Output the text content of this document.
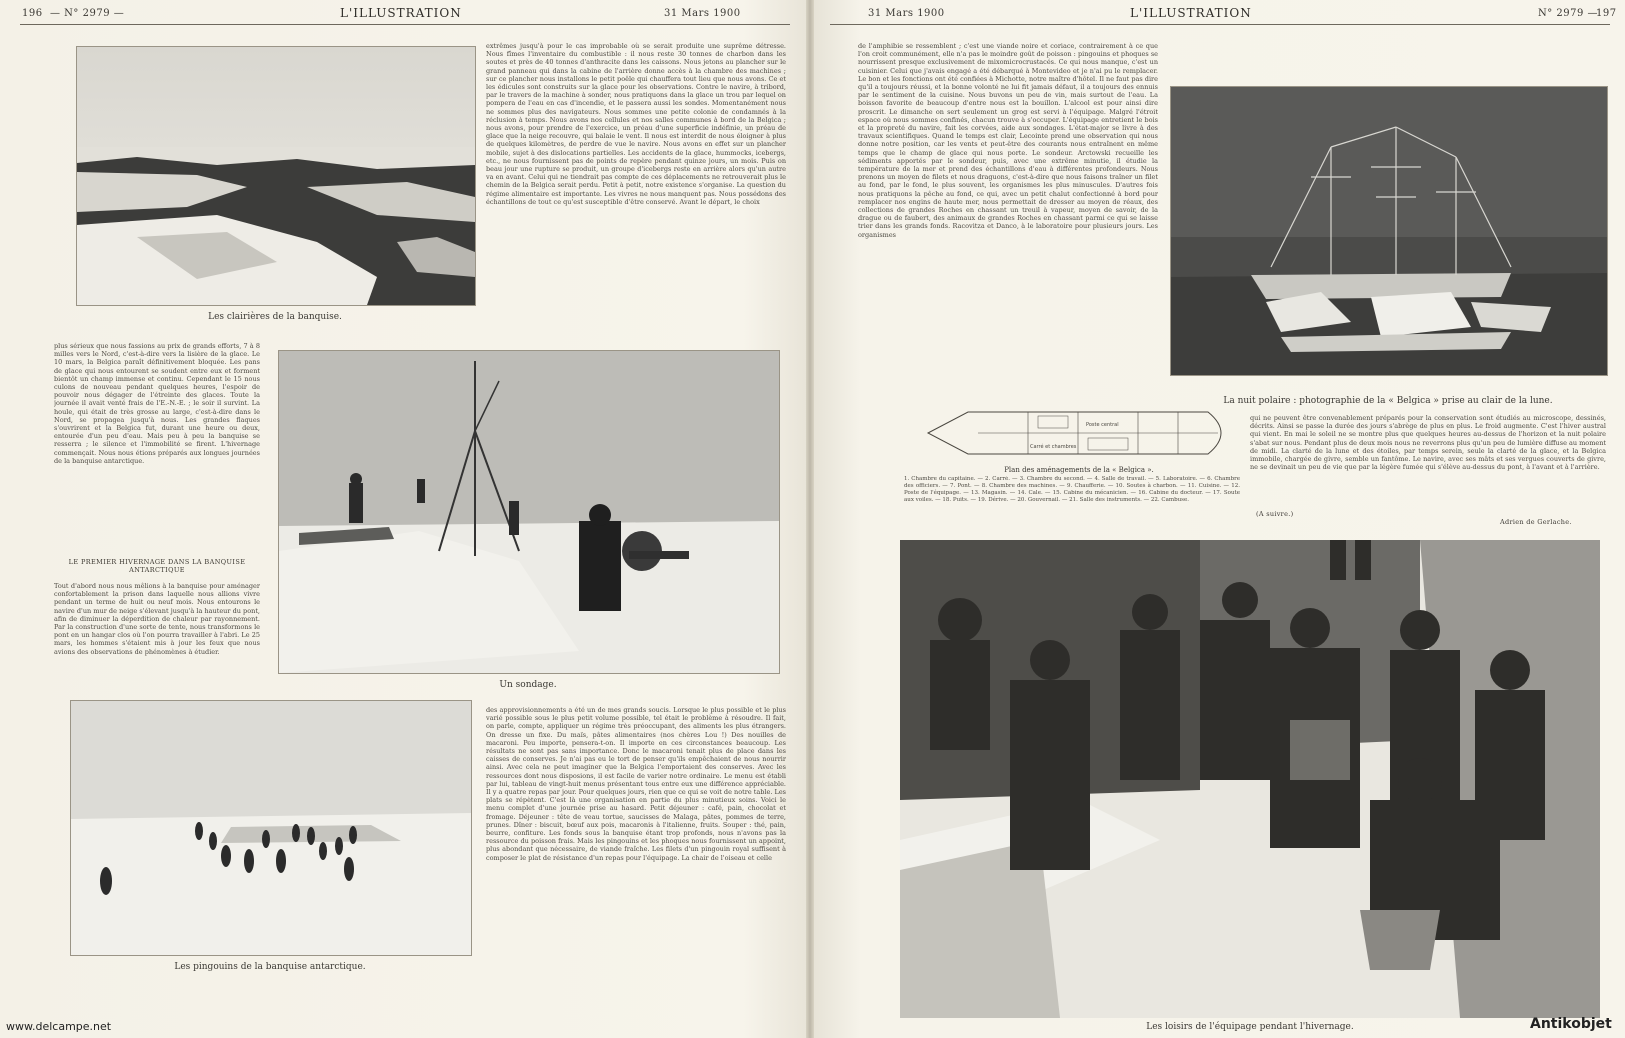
196 — N° 2979 —	L'ILLUSTRATION	31 Mars 1900	31 Mars 1900	L'ILLUSTRATION	N° 2979 —
197
Les clairières de la banquise.
extrêmes jusqu'à pour le cas improbable où se serait produite une suprême détresse. Nous fîmes l'inventaire du combustible : il nous reste 30 tonnes de charbon dans les soutes et près de 40 tonnes d'anthracite dans les caissons. Nous jetons au plancher sur le grand panneau qui dans la cabine de l'arrière donne accès à la chambre des machines ; sur ce plancher nous installons le petit poêle qui chauffera tout lieu que nous avons. Ce et les édicules sont construits sur la glace pour les observations. Contre le navire, à tribord, par le travers de la machine à sonder, nous pratiquons dans la glace un trou par lequel on pompera de l'eau en cas d'incendie, et le passera aussi les sondes. Momentanément nous ne sommes plus des navigateurs. Nous sommes une petite colonie de condamnés à la réclusion à temps. Nous avons nos cellules et nos salles communes à bord de la Belgica ; nous avons, pour prendre de l'exercice, un préau d'une superficie indéfinie, un préau de glace que la neige recouvre, qui balaie le vent. Il nous est interdit de nous éloigner à plus de quelques kilomètres, de perdre de vue le navire. Nous avons en effet sur un plancher mobile, sujet à des dislocations partielles. Les accidents de la glace, hummocks, icebergs, etc., ne nous fournissent pas de points de repère pendant quinze jours, un mois. Puis on beau jour une rupture se produit, un groupe d'icebergs reste en arrière alors qu'un autre va en avant. Celui qui ne tiendrait pas compte de ces déplacements ne retrouverait plus le chemin de la Belgica serait perdu. Petit à petit, notre existence s'organise. La question du régime alimentaire est importante. Les vivres ne nous manquent pas. Nous possédons des échantillons de tout ce qu'est susceptible d'être conservé. Avant le départ, le choix
plus sérieux que nous fassions au prix de grands efforts, 7 à 8 milles vers le Nord, c'est-à-dire vers la lisière de la glace. Le 10 mars, la Belgica paraît définitivement bloquée. Les pans de glace qui nous entourent se soudent entre eux et forment bientôt un champ immense et continu. Cependant le 15 nous culons de nouveau pendant quelques heures, l'espoir de pouvoir nous dégager de l'étreinte des glaces. Toute la journée il avait venté frais de l'E.-N.-E. ; le soir il survint. La houle, qui était de très grosse au large, c'est-à-dire dans le Nord, se propagea jusqu'à nous. Les grandes flaques s'ouvrirent et la Belgica fut, durant une heure ou deux, entourée d'un peu d'eau. Mais peu à peu la banquise se resserra ; le silence et l'immobilité se firent. L'hivernage commençait. Nous nous étions préparés aux longues journées de la banquise antarctique.
LE PREMIER HIVERNAGE DANS LA BANQUISE ANTARCTIQUE
Tout d'abord nous nous mêlions à la banquise pour aménager confortablement la prison dans laquelle nous allions vivre pendant un terme de huit ou neuf mois. Nous entourons le navire d'un mur de neige s'élevant jusqu'à la hauteur du pont, afin de diminuer la déperdition de chaleur par rayonnement. Par la construction d'une sorte de tente, nous transformons le pont en un hangar clos où l'on pourra travailler à l'abri. Le 25 mars, les hommes s'étaient mis à jour les feux que nous avions des observations de phénomènes à étudier.
Un sondage.
Les pingouins de la banquise antarctique.
des approvisionnements a été un de mes grands soucis. Lorsque le plus possible et le plus varié possible sous le plus petit volume possible, tel était le problème à résoudre. Il fait, on parle, compte, appliquer un régime très préoccupant, des aliments les plus étrangers. On dresse un fixe. Du maïs, pâtes alimentaires (nos chères Lou !) Des nouilles de macaroni. Peu importe, pensera-t-on. Il importe en ces circonstances beaucoup. Les résultats ne sont pas sans importance. Donc le macaroni tenait plus de place dans les caisses de conserves. Je n'ai pas eu le tort de penser qu'ils empêchaient de nous nourrir ainsi. Avec cela ne peut imaginer que la Belgica l'emportaient des conserves. Avec les ressources dont nous disposions, il est facile de varier notre ordinaire. Le menu est établi par lui, tableau de vingt-huit menus présentant tous entre eux une différence appréciable. Il y a quatre repas par jour. Pour quelques jours, rien que ce qui se voit de notre table. Les plats se répètent. C'est là une organisation en partie du plus minutieux soins. Voici le menu complet d'une journée prise au hasard. Petit déjeuner : café, pain, chocolat et fromage. Déjeuner : tête de veau tortue, saucisses de Malaga, pâtes, pommes de terre, prunes. Dîner : biscuit, bœuf aux pois, macaronis à l'italienne, fruits. Souper : thé, pain, beurre, confiture. Les fonds sous la banquise étant trop profonds, nous n'avons pas la ressource du poisson frais. Mais les pingouins et les phoques nous fournissent un appoint, plus abondant que nécessaire, de viande fraîche. Les filets d'un pingouin royal suffisent à composer le plat de résistance d'un repas pour l'équipage. La chair de l'oiseau et celle
de l'amphibie se ressemblent ; c'est une viande noire et coriace, contrairement à ce que l'on croit communément, elle n'a pas le moindre goût de poisson : pingouins et phoques se nourrissent presque exclusivement de mixomicrocrustacés. Ce qui nous manque, c'est un cuisinier. Celui que j'avais engagé a été débarqué à Montevideo et je n'ai pu le remplacer. Le bon et les fonctions ont été confiées à Michotte, notre maître d'hôtel. Il ne faut pas dire qu'il a toujours réussi, et la bonne volonté ne lui fit jamais défaut, il a toujours des ennuis par le sentiment de la cuisine. Nous buvons un peu de vin, mais surtout de l'eau. La boisson favorite de beaucoup d'entre nous est la bouillon. L'alcool est pour ainsi dire proscrit. Le dimanche on sert seulement un grog est servi à l'équipage. Malgré l'étroit espace où nous sommes confinés, chacun trouve à s'occuper. L'équipage entretient le bois et la propreté du navire, fait les corvées, aide aux sondages. L'état-major se livre à des travaux scientifiques. Quand le temps est clair, Lecointe prend une observation qui nous donne notre position, car les vents et peut-être des courants nous entraînent en même temps que le champ de glace qui nous porte. Le sondeur. Arctowski recueille les sédiments apportés par le sondeur, puis, avec une extrême minutie, il étudie la température de la mer et prend des échantillons d'eau à différentes profondeurs. Nous prenons un moyen de filets et nous draguons, c'est-à-dire que nous faisons traîner un filet au fond, par le fond, le plus souvent, les organismes les plus minuscules. D'autres fois nous pratiquons la pêche au fond, ce qui, avec un petit chalut confectionné à bord pour remplacer nos engins de haute mer, nous permettait de dresser au moyen de réaux, des collections de grandes Roches en chassant un treuil à vapeur, moyen de savoir, de la drague ou de faubert, des animaux de grandes Roches en chassant parmi ce qui se laisse trier dans les grands fonds. Racovitza et Danco, à le laboratoire pour plusieurs jours. Les organismes
La nuit polaire : photographie de la « Belgica » prise au clair de la lune.
Poste central
Carré et chambres
Plan des aménagements de la « Belgica ».
1. Chambre du capitaine. — 2. Carré. — 3. Chambre du second. — 4. Salle de travail. — 5. Laboratoire. — 6. Chambre des officiers. — 7. Pont. — 8. Chambre des machines. — 9. Chaufferie. — 10. Soutes à charbon. — 11. Cuisine. — 12. Poste de l'équipage. — 13. Magasin. — 14. Cale. — 15. Cabine du mécanicien. — 16. Cabine du docteur. — 17. Soute aux voiles. — 18. Puits. — 19. Dérive. — 20. Gouvernail. — 21. Salle des instruments. — 22. Cambuse.
qui ne peuvent être convenablement préparés pour la conservation sont étudiés au microscope, dessinés, décrits. Ainsi se passe la durée des jours s'abrège de plus en plus. Le froid augmente. C'est l'hiver austral qui vient. En mai le soleil ne se montre plus que quelques heures au-dessus de l'horizon et la nuit polaire s'abat sur nous. Pendant plus de deux mois nous ne reverrons plus qu'un peu de lumière diffuse au moment de midi. La clarté de la lune et des étoiles, par temps serein, seule la clarté de la glace, et la Belgica immobile, chargée de givre, semble un fantôme. Le navire, avec ses mâts et ses vergues couverts de givre, ne se devinait un peu de vie que par la légère fumée qui s'élève au-dessus du pont, à l'avant et à l'arrière.
(A suivre.)
Adrien de Gerlache.
Les loisirs de l'équipage pendant l'hivernage.
www.delcampe.net	Antikobjet
